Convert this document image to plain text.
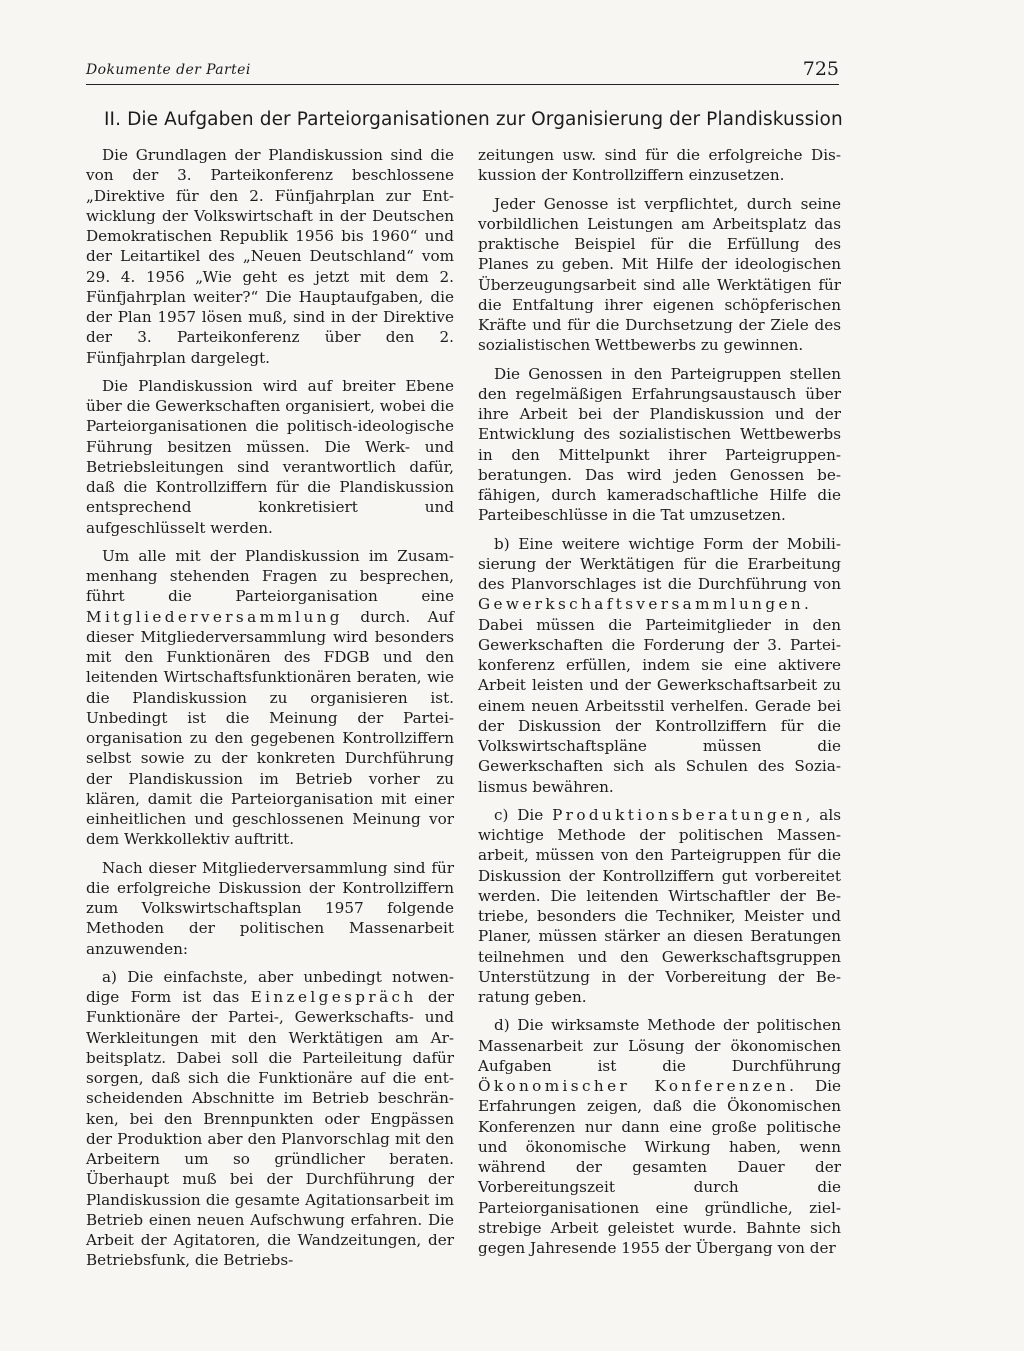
Dokumente der Partei	725
II. Die Aufgaben der Parteiorganisationen zur Organisierung der Plandiskussion

Die Grundlagen der Plandiskussion sind die von der 3. Parteikonferenz beschlossene „Direktive für den 2. Fünfjahrplan zur Entwicklung der Volkswirtschaft in der Deutschen Demokratischen Republik 1956 bis 1960“ und der Leitartikel des „Neuen Deutschland“ vom 29. 4. 1956 „Wie geht es jetzt mit dem 2. Fünfjahrplan weiter?“ Die Hauptaufgaben, die der Plan 1957 lösen muß, sind in der Direktive der 3. Parteikonferenz über den 2. Fünfjahrplan dargelegt.

Die Plandiskussion wird auf breiter Ebene über die Gewerkschaften organisiert, wobei die Parteiorganisationen die politisch-ideologische Führung besitzen müssen. Die Werk- und Betriebsleitungen sind verantwortlich dafür, daß die Kontrollziffern für die Plandiskussion entsprechend konkretisiert und aufgeschlüsselt werden.

Um alle mit der Plandiskussion im Zusammenhang stehenden Fragen zu besprechen, führt die Parteiorganisation eine Mitgliederversammlung durch. Auf dieser Mitgliederversammlung wird besonders mit den Funktionären des FDGB und den leitenden Wirtschaftsfunktionären beraten, wie die Plandiskussion zu organisieren ist. Unbedingt ist die Meinung der Parteiorganisation zu den gegebenen Kontrollziffern selbst sowie zu der konkreten Durchführung der Plandiskussion im Betrieb vorher zu klären, damit die Parteiorganisation mit einer einheitlichen und geschlossenen Meinung vor dem Werkkollektiv auftritt.

Nach dieser Mitgliederversammlung sind für die erfolgreiche Diskussion der Kontrollziffern zum Volkswirtschaftsplan 1957 folgende Methoden der politischen Massenarbeit anzuwenden:

a) Die einfachste, aber unbedingt notwendige Form ist das Einzelgespräch der Funktionäre der Partei-, Gewerkschafts- und Werkleitungen mit den Werktätigen am Arbeitsplatz. Dabei soll die Parteileitung dafür sorgen, daß sich die Funktionäre auf die entscheidenden Abschnitte im Betrieb beschränken, bei den Brennpunkten oder Engpässen der Produktion aber den Planvorschlag mit den Arbeitern um so gründlicher beraten. Überhaupt muß bei der Durchführung der Plandiskussion die gesamte Agitationsarbeit im Betrieb einen neuen Aufschwung erfahren. Die Arbeit der Agitatoren, die Wandzeitungen, der Betriebsfunk, die Betriebs-

zeitungen usw. sind für die erfolgreiche Diskussion der Kontrollziffern einzusetzen.

Jeder Genosse ist verpflichtet, durch seine vorbildlichen Leistungen am Arbeitsplatz das praktische Beispiel für die Erfüllung des Planes zu geben. Mit Hilfe der ideologischen Überzeugungsarbeit sind alle Werktätigen für die Entfaltung ihrer eigenen schöpferischen Kräfte und für die Durchsetzung der Ziele des sozialistischen Wettbewerbs zu gewinnen.

Die Genossen in den Parteigruppen stellen den regelmäßigen Erfahrungsaustausch über ihre Arbeit bei der Plandiskussion und der Entwicklung des sozialistischen Wettbewerbs in den Mittelpunkt ihrer Parteigruppenberatungen. Das wird jeden Genossen befähigen, durch kameradschaftliche Hilfe die Parteibeschlüsse in die Tat umzusetzen.

b) Eine weitere wichtige Form der Mobilisierung der Werktätigen für die Erarbeitung des Planvorschlages ist die Durchführung von Gewerkschaftsversammlungen. Dabei müssen die Parteimitglieder in den Gewerkschaften die Forderung der 3. Parteikonferenz erfüllen, indem sie eine aktivere Arbeit leisten und der Gewerkschaftsarbeit zu einem neuen Arbeitsstil verhelfen. Gerade bei der Diskussion der Kontrollziffern für die Volkswirtschaftspläne müssen die Gewerkschaften sich als Schulen des Sozialismus bewähren.

c) Die Produktionsberatungen, als wichtige Methode der politischen Massenarbeit, müssen von den Parteigruppen für die Diskussion der Kontrollziffern gut vorbereitet werden. Die leitenden Wirtschaftler der Betriebe, besonders die Techniker, Meister und Planer, müssen stärker an diesen Beratungen teilnehmen und den Gewerkschaftsgruppen Unterstützung in der Vorbereitung der Beratung geben.

d) Die wirksamste Methode der politischen Massenarbeit zur Lösung der ökonomischen Aufgaben ist die Durchführung Ökonomischer Konferenzen. Die Erfahrungen zeigen, daß die Ökonomischen Konferenzen nur dann eine große politische und ökonomische Wirkung haben, wenn während der gesamten Dauer der Vorbereitungszeit durch die Parteiorganisationen eine gründliche, zielstrebige Arbeit geleistet wurde. Bahnte sich gegen Jahresende 1955 der Übergang von der
